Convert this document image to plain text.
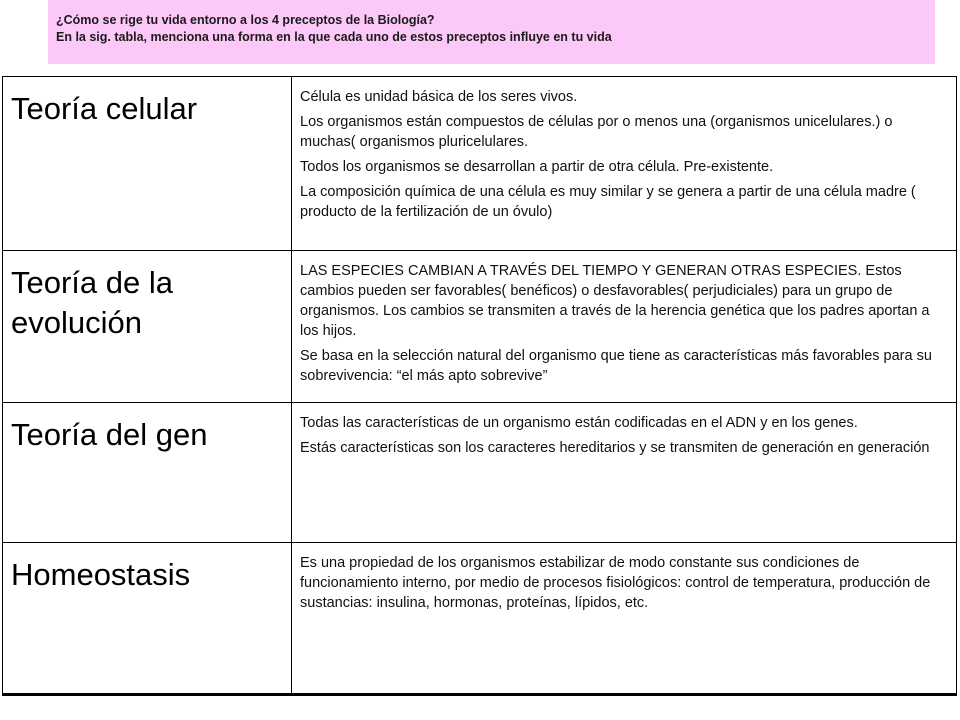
¿Cómo se rige tu vida entorno a los 4 preceptos de la Biología?
En la sig. tabla, menciona una forma en la que cada uno de estos preceptos influye en tu vida
Teoría celular	Célula es unidad básica de los seres vivos.

Los organismos están compuestos de células por o menos una (organismos unicelulares.) o muchas( organismos pluricelulares.

Todos los organismos se desarrollan a partir de otra célula. Pre-existente.

La composición química de una célula es muy similar y se genera a partir de una célula madre ( producto de la fertilización de un óvulo)

Teoría de la evolución	LAS ESPECIES CAMBIAN A TRAVÉS DEL TIEMPO Y GENERAN OTRAS ESPECIES. Estos cambios pueden ser favorables( benéficos) o desfavorables( perjudiciales) para un grupo de organismos. Los cambios se transmiten a través de la herencia genética que los padres aportan a los hijos.

Se basa en la selección natural del organismo que tiene as características más favorables para su sobrevivencia: “el más apto sobrevive”

Teoría del gen	Todas las características de un organismo están codificadas en el ADN y en los genes.

Estás características son los caracteres hereditarios y se transmiten de generación en generación

Homeostasis	Es una propiedad de los organismos estabilizar de modo constante sus condiciones de funcionamiento interno, por medio de procesos fisiológicos: control de temperatura, producción de sustancias: insulina, hormonas, proteínas, lípidos, etc.
